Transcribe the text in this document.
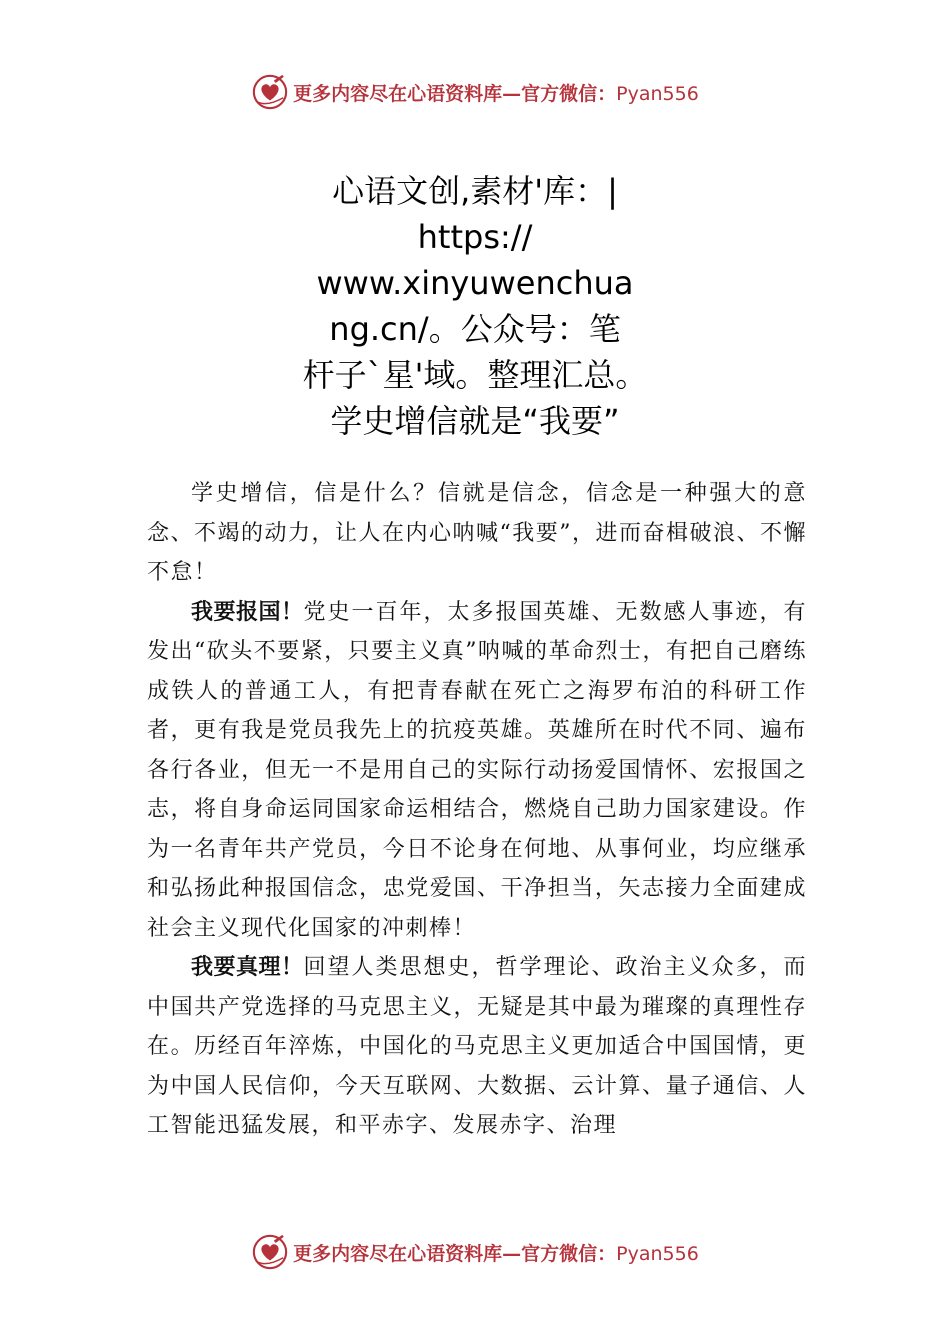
更多内容尽在心语资料库—官方微信：Pyan556
心语文创,素材'库：|
https://
www.xinyuwenchua
ng.cn/。公众号：笔
杆子`星'域。整理汇总。
学史增信就是“我要”

学史增信，信是什么？信就是信念，信念是一种强大的意念、不竭的动力，让人在内心呐喊“我要”，进而奋楫破浪、不懈不怠！

我要报国！党史一百年，太多报国英雄、无数感人事迹，有发出“砍头不要紧，只要主义真”呐喊的革命烈士，有把自己磨练成铁人的普通工人，有把青春献在死亡之海罗布泊的科研工作者，更有我是党员我先上的抗疫英雄。英雄所在时代不同、遍布各行各业，但无一不是用自己的实际行动扬爱国情怀、宏报国之志，将自身命运同国家命运相结合，燃烧自己助力国家建设。作为一名青年共产党员，今日不论身在何地、从事何业，均应继承和弘扬此种报国信念，忠党爱国、干净担当，矢志接力全面建成社会主义现代化国家的冲刺棒！

我要真理！回望人类思想史，哲学理论、政治主义众多，而中国共产党选择的马克思主义，无疑是其中最为璀璨的真理性存在。历经百年淬炼，中国化的马克思主义更加适合中国国情，更为中国人民信仰，今天互联网、大数据、云计算、量子通信、人工智能迅猛发展，和平赤字、发展赤字、治理

更多内容尽在心语资料库—官方微信：Pyan556
